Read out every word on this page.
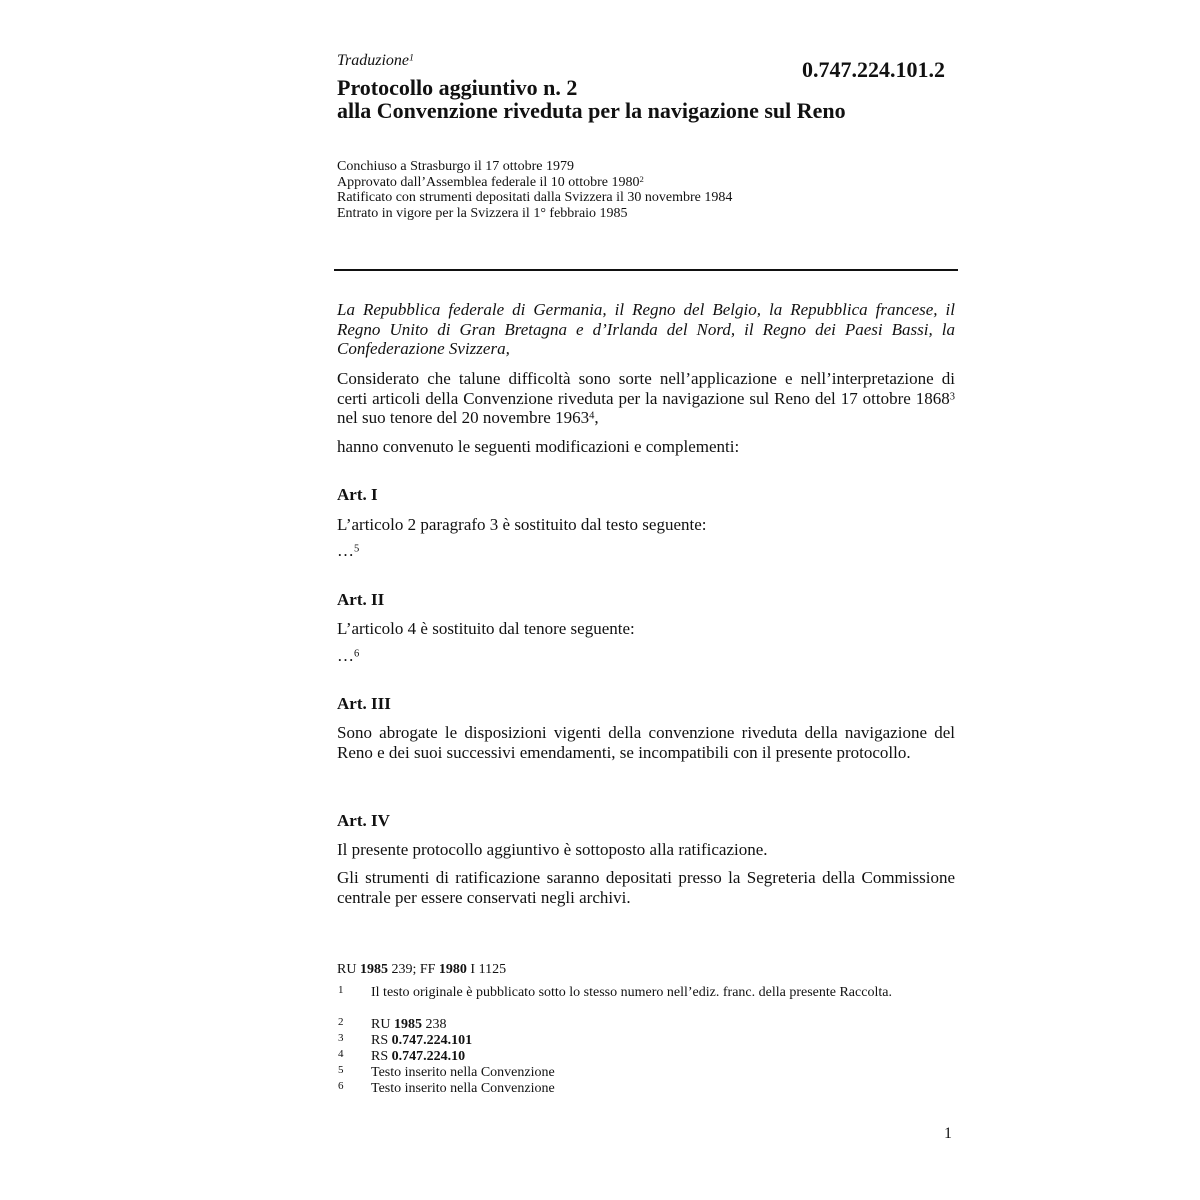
Traduzione$^1$	0.747.224.101.2
Protocollo aggiuntivo n. 2
alla Convenzione riveduta per la navigazione sul Reno
Conchiuso a Strasburgo il 17 ottobre 1979
Approvato dall’Assemblea federale il 10 ottobre 1980$^2$
Ratificato con strumenti depositati dalla Svizzera il 30 novembre 1984
Entrato in vigore per la Svizzera il 1° febbraio 1985
La Repubblica federale di Germania, il Regno del Belgio, la Repubblica francese, il Regno Unito di Gran Bretagna e d’Irlanda del Nord, il Regno dei Paesi Bassi, la Confederazione Svizzera,
Considerato che talune difficoltà sono sorte nell’applicazione e nell’interpretazione di certi articoli della Convenzione riveduta per la navigazione sul Reno del 17 ottobre 1868$^3$ nel suo tenore del 20 novembre 1963$^4$,
hanno convenuto le seguenti modificazioni e complementi:
Art. I
L’articolo 2 paragrafo 3 è sostituito dal testo seguente:
…$^5$
Art. II
L’articolo 4 è sostituito dal tenore seguente:
…$^6$
Art. III
Sono abrogate le disposizioni vigenti della convenzione riveduta della navigazione del Reno e dei suoi successivi emendamenti, se incompatibili con il presente protocollo.
Art. IV
Il presente protocollo aggiuntivo è sottoposto alla ratificazione.
Gli strumenti di ratificazione saranno depositati presso la Segreteria della Commissione centrale per essere conservati negli archivi.
RU 1985 239; FF 1980 I 1125
1 Il testo originale è pubblicato sotto lo stesso numero nell’ediz. franc. della presente Raccolta.
2 RU 1985 238
3 RS 0.747.224.101
4 RS 0.747.224.10
5 Testo inserito nella Convenzione
6 Testo inserito nella Convenzione
1
